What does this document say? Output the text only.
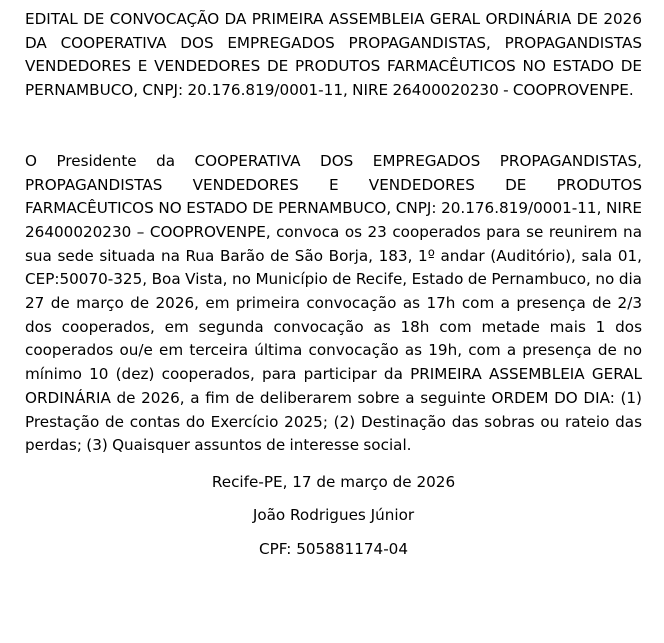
EDITAL DE CONVOCAÇÃO DA PRIMEIRA ASSEMBLEIA GERAL ORDINÁRIA DE 2026 DA COOPERATIVA DOS EMPREGADOS PROPAGANDISTAS, PROPAGANDISTAS VENDEDORES E VENDEDORES DE PRODUTOS FARMACÊUTICOS NO ESTADO DE PERNAMBUCO, CNPJ: 20.176.819/0001-11, NIRE 26400020230 - COOPROVENPE.

O Presidente da COOPERATIVA DOS EMPREGADOS PROPAGANDISTAS, PROPAGANDISTAS VENDEDORES E VENDEDORES DE PRODUTOS FARMACÊUTICOS NO ESTADO DE PERNAMBUCO, CNPJ: 20.176.819/0001-11, NIRE 26400020230 – COOPROVENPE, convoca os 23 cooperados para se reunirem na sua sede situada na Rua Barão de São Borja, 183, 1º andar (Auditório), sala 01, CEP:50070-325, Boa Vista, no Município de Recife, Estado de Pernambuco, no dia 27 de março de 2026, em primeira convocação as 17h com a presença de 2/3 dos cooperados, em segunda convocação as 18h com metade mais 1 dos cooperados ou/e em terceira última convocação as 19h, com a presença de no mínimo 10 (dez) cooperados, para participar da PRIMEIRA ASSEMBLEIA GERAL ORDINÁRIA de 2026, a fim de deliberarem sobre a seguinte ORDEM DO DIA: (1) Prestação de contas do Exercício 2025; (2) Destinação das sobras ou rateio das perdas; (3) Quaisquer assuntos de interesse social.

Recife-PE, 17 de março de 2026

João Rodrigues Júnior

CPF: 505881174-04
